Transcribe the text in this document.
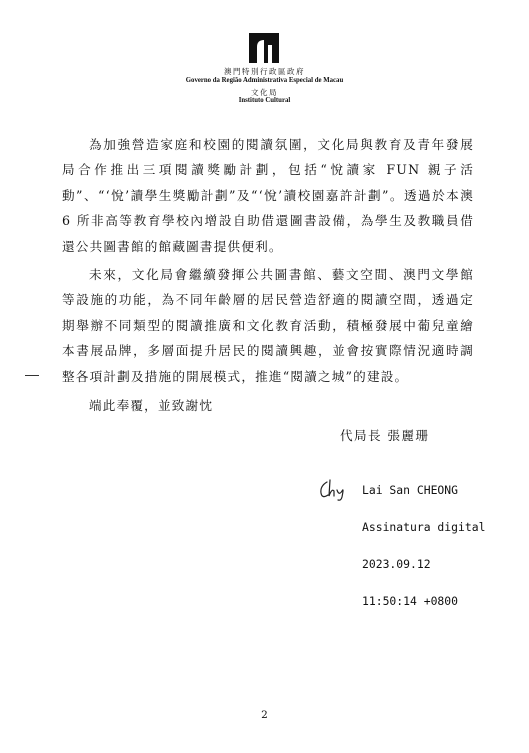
澳門特別行政區政府
Governo da Região Administrativa Especial de Macau
文化局
Instituto Cultural

為加強營造家庭和校園的閱讀氛圍，文化局與教育及青年發展局合作推出三項閱讀獎勵計劃，包括“悅讀家 FUN 親子活動”、“‘悅’讀學生獎勵計劃”及“‘悅’讀校園嘉許計劃”。透過於本澳 6 所非高等教育學校內增設自助借還圖書設備，為學生及教職員借還公共圖書館的館藏圖書提供便利。

未來，文化局會繼續發揮公共圖書館、藝文空間、澳門文學館等設施的功能，為不同年齡層的居民營造舒適的閱讀空間，透過定期舉辦不同類型的閱讀推廣和文化教育活動，積極發展中葡兒童繪本書展品牌，多層面提升居民的閱讀興趣，並會按實際情況適時調整各項計劃及措施的開展模式，推進“閱讀之城”的建設。

端此奉覆，並致謝忱
代局長 張麗珊

Lai San CHEONG

Assinatura digital

2023.09.12

11:50:14 +0800

2
